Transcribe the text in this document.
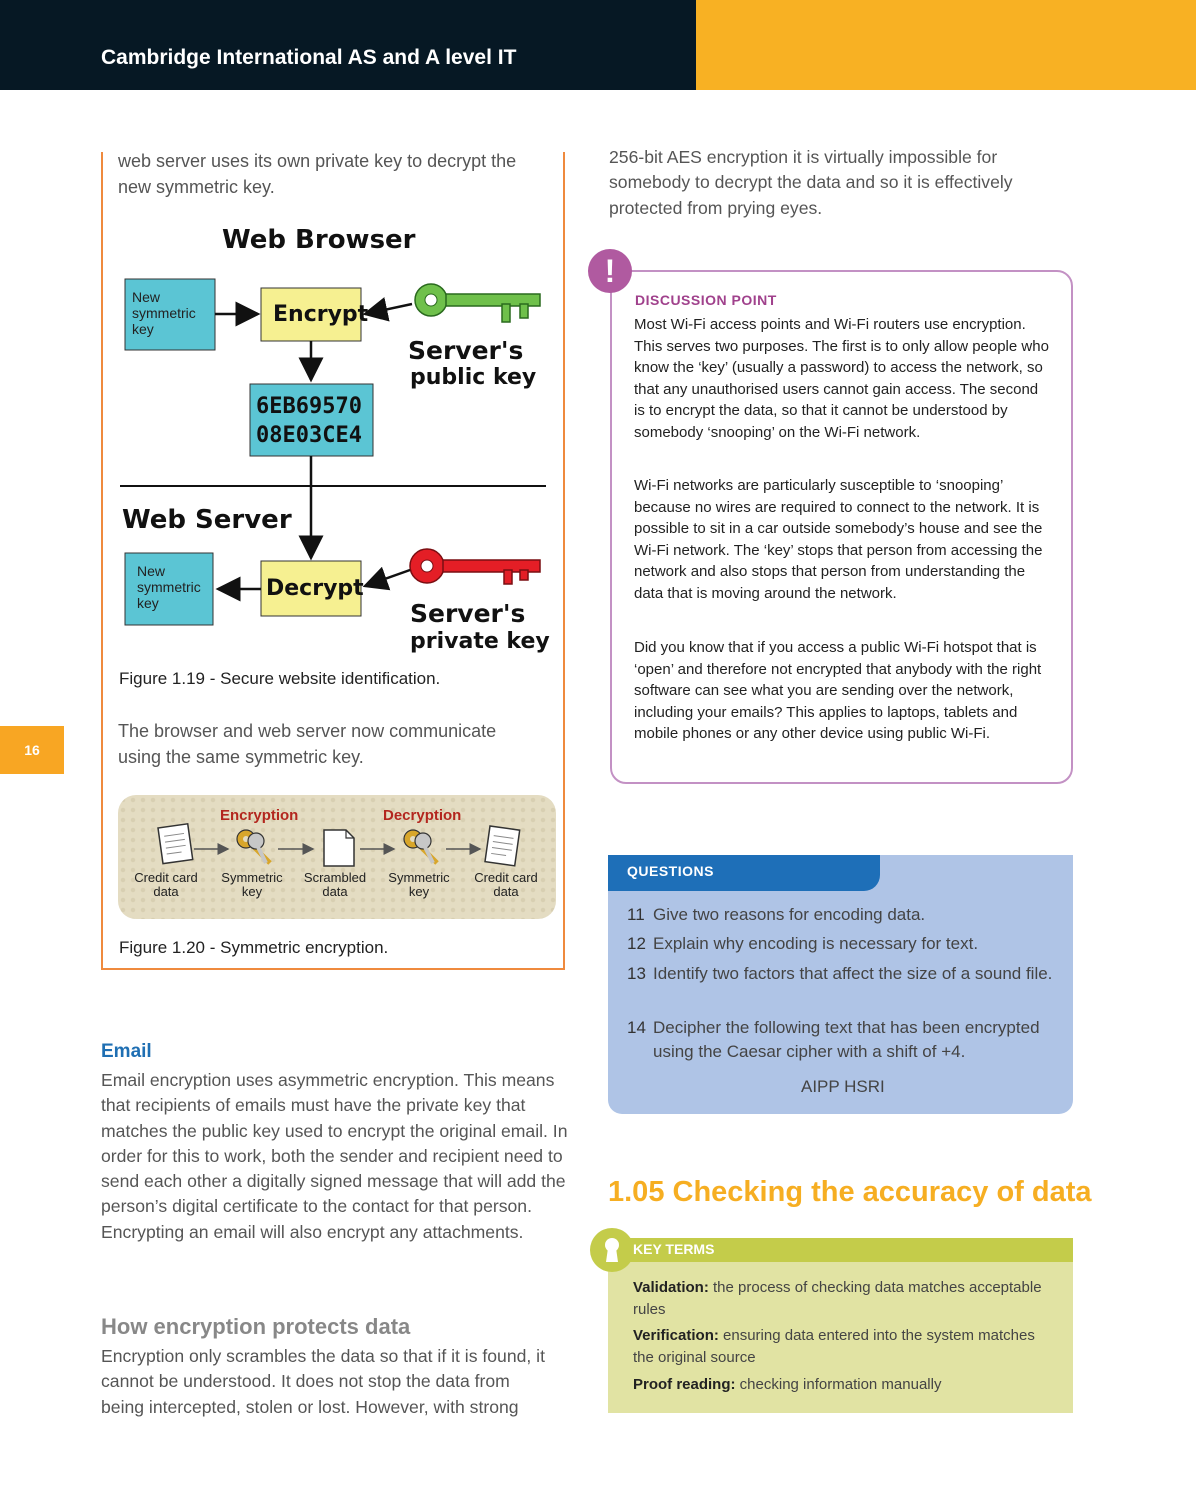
Cambridge International AS and A level IT
16
web server uses its own private key to decrypt the new symmetric key.
Web Browser
New symmetric key
Encrypt
Server's
public key
6EB69570
08E03CE4
Web Server
Decrypt
New symmetric key	Server's
private key
Figure 1.19 - Secure website identification.
The browser and web server now communicate using the same symmetric key.
Encryption	Decryption
Credit card data
Symmetric key
Scrambled data
Symmetric key
Credit card data
Figure 1.20 - Symmetric encryption.
Email
Email encryption uses asymmetric encryption. This means that recipients of emails must have the private key that matches the public key used to encrypt the original email. In order for this to work, both the sender and recipient need to send each other a digitally signed message that will add the person’s digital certificate to the contact for that person. Encrypting an email will also encrypt any attachments.
How encryption protects data
Encryption only scrambles the data so that if it is found, it cannot be understood. It does not stop the data from being intercepted, stolen or lost. However, with strong
256-bit AES encryption it is virtually impossible for somebody to decrypt the data and so it is effectively protected from prying eyes.
!
DISCUSSION POINT
Most Wi-Fi access points and Wi-Fi routers use encryption. This serves two purposes. The first is to only allow people who know the ‘key’ (usually a password) to access the network, so that any unauthorised users cannot gain access. The second is to encrypt the data, so that it cannot be understood by somebody ‘snooping’ on the Wi-Fi network.
Wi-Fi networks are particularly susceptible to ‘snooping’ because no wires are required to connect to the network. It is possible to sit in a car outside somebody’s house and see the Wi-Fi network. The ‘key’ stops that person from accessing the network and also stops that person from understanding the data that is moving around the network.
Did you know that if you access a public Wi-Fi hotspot that is ‘open’ and therefore not encrypted that anybody with the right software can see what you are sending over the network, including your emails? This applies to laptops, tablets and mobile phones or any other device using public Wi-Fi.
QUESTIONS
11 Give two reasons for encoding data.
12 Explain why encoding is necessary for text.
13 Identify two factors that affect the size of a sound file.
14 Decipher the following text that has been encrypted using the Caesar cipher with a shift of +4.
AIPP HSRI
1.05 Checking the accuracy of data
KEY TERMS
Validation: the process of checking data matches acceptable rules
Verification: ensuring data entered into the system matches the original source
Proof reading: checking information manually
